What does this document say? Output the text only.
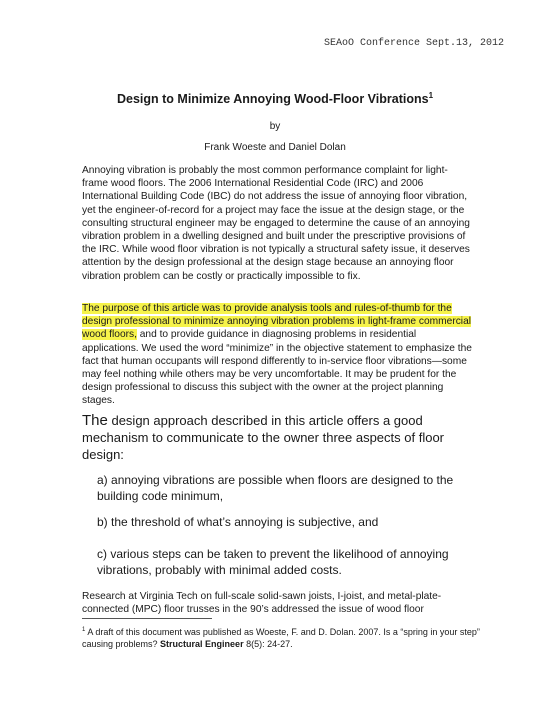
SEAoO Conference Sept.13, 2012
Design to Minimize Annoying Wood-Floor Vibrations$^1$
by
Frank Woeste and Daniel Dolan

Annoying vibration is probably the most common performance complaint for light-frame wood floors. The 2006 International Residential Code (IRC) and 2006 International Building Code (IBC) do not address the issue of annoying floor vibration, yet the engineer-of-record for a project may face the issue at the design stage, or the consulting structural engineer may be engaged to determine the cause of an annoying vibration problem in a dwelling designed and built under the prescriptive provisions of the IRC. While wood floor vibration is not typically a structural safety issue, it deserves attention by the design professional at the design stage because an annoying floor vibration problem can be costly or practically impossible to fix.

The purpose of this article was to provide analysis tools and rules-of-thumb for the design professional to minimize annoying vibration problems in light-frame commercial wood floors, and to provide guidance in diagnosing problems in residential applications. We used the word “minimize” in the objective statement to emphasize the fact that human occupants will respond differently to in-service floor vibrations—some may feel nothing while others may be very uncomfortable. It may be prudent for the design professional to discuss this subject with the owner at the project planning stages.

The design approach described in this article offers a good mechanism to communicate to the owner three aspects of floor design:

a) annoying vibrations are possible when floors are designed to the building code minimum,
b) the threshold of what’s annoying is subjective, and
c) various steps can be taken to prevent the likelihood of annoying vibrations, probably with minimal added costs.

Research at Virginia Tech on full-scale solid-sawn joists, I-joist, and metal-plate-connected (MPC) floor trusses in the 90’s addressed the issue of wood floor

$^1$ A draft of this document was published as Woeste, F. and D. Dolan. 2007. Is a “spring in your step” causing problems? Structural Engineer 8(5): 24-27.
